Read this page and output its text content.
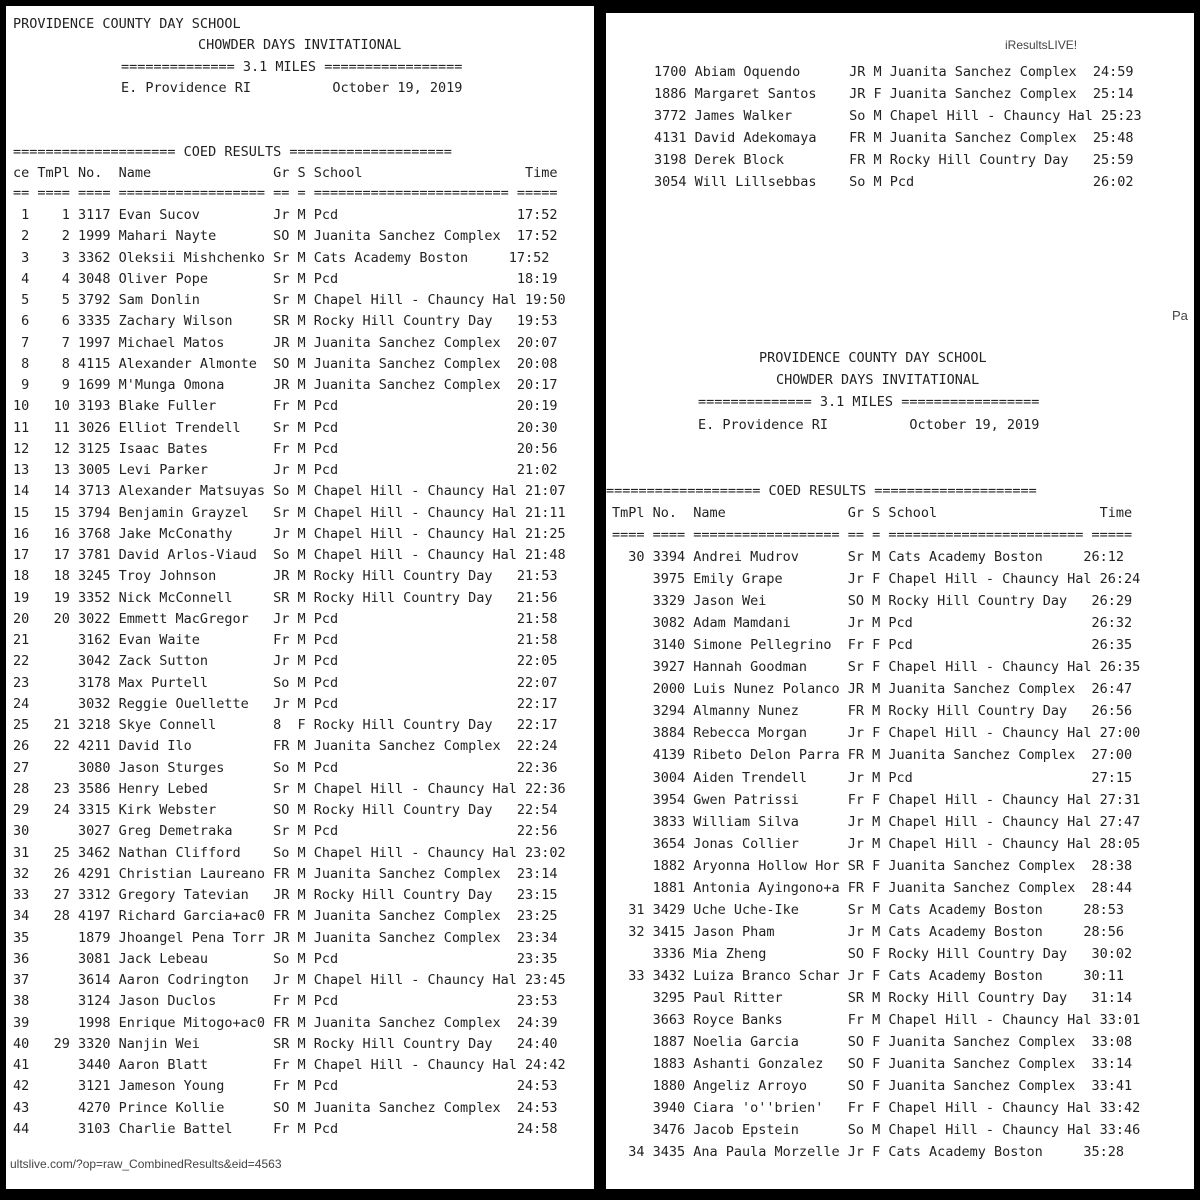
PROVIDENCE COUNTY DAY SCHOOL
CHOWDER DAYS INVITATIONAL
============== 3.1 MILES =================
E. Providence RI          October 19, 2019
==================== COED RESULTS ====================
ce TmPl No.  Name               Gr S School                    Time
== ==== ==== ================== == = ======================== =====
1    1 3117 Evan Sucov         Jr M Pcd                      17:52
2    2 1999 Mahari Nayte       SO M Juanita Sanchez Complex  17:52
3    3 3362 Oleksii Mishchenko Sr M Cats Academy Boston     17:52
4    4 3048 Oliver Pope        Sr M Pcd                      18:19
5    5 3792 Sam Donlin         Sr M Chapel Hill - Chauncy Hal 19:50
6    6 3335 Zachary Wilson     SR M Rocky Hill Country Day   19:53
7    7 1997 Michael Matos      JR M Juanita Sanchez Complex  20:07
8    8 4115 Alexander Almonte  SO M Juanita Sanchez Complex  20:08
9    9 1699 M'Munga Omona      JR M Juanita Sanchez Complex  20:17
10   10 3193 Blake Fuller       Fr M Pcd                      20:19
11   11 3026 Elliot Trendell    Sr M Pcd                      20:30
12   12 3125 Isaac Bates        Fr M Pcd                      20:56
13   13 3005 Levi Parker        Jr M Pcd                      21:02
14   14 3713 Alexander Matsuyas So M Chapel Hill - Chauncy Hal 21:07
15   15 3794 Benjamin Grayzel   Sr M Chapel Hill - Chauncy Hal 21:11
16   16 3768 Jake McConathy     Jr M Chapel Hill - Chauncy Hal 21:25
17   17 3781 David Arlos-Viaud  So M Chapel Hill - Chauncy Hal 21:48
18   18 3245 Troy Johnson       JR M Rocky Hill Country Day   21:53
19   19 3352 Nick McConnell     SR M Rocky Hill Country Day   21:56
20   20 3022 Emmett MacGregor   Jr M Pcd                      21:58
21      3162 Evan Waite         Fr M Pcd                      21:58
22      3042 Zack Sutton        Jr M Pcd                      22:05
23      3178 Max Purtell        So M Pcd                      22:07
24      3032 Reggie Ouellette   Jr M Pcd                      22:17
25   21 3218 Skye Connell       8  F Rocky Hill Country Day   22:17
26   22 4211 David Ilo          FR M Juanita Sanchez Complex  22:24
27      3080 Jason Sturges      So M Pcd                      22:36
28   23 3586 Henry Lebed        Sr M Chapel Hill - Chauncy Hal 22:36
29   24 3315 Kirk Webster       SO M Rocky Hill Country Day   22:54
30      3027 Greg Demetraka     Sr M Pcd                      22:56
31   25 3462 Nathan Clifford    So M Chapel Hill - Chauncy Hal 23:02
32   26 4291 Christian Laureano FR M Juanita Sanchez Complex  23:14
33   27 3312 Gregory Tatevian   JR M Rocky Hill Country Day   23:15
34   28 4197 Richard Garcia+ac0 FR M Juanita Sanchez Complex  23:25
35      1879 Jhoangel Pena Torr JR M Juanita Sanchez Complex  23:34
36      3081 Jack Lebeau        So M Pcd                      23:35
37      3614 Aaron Codrington   Jr M Chapel Hill - Chauncy Hal 23:45
38      3124 Jason Duclos       Fr M Pcd                      23:53
39      1998 Enrique Mitogo+ac0 FR M Juanita Sanchez Complex  24:39
40   29 3320 Nanjin Wei         SR M Rocky Hill Country Day   24:40
41      3440 Aaron Blatt        Fr M Chapel Hill - Chauncy Hal 24:42
42      3121 Jameson Young      Fr M Pcd                      24:53
43      4270 Prince Kollie      SO M Juanita Sanchez Complex  24:53
44      3103 Charlie Battel     Fr M Pcd                      24:58
ultslive.com/?op=raw_CombinedResults&eid=4563
iResultsLIVE!
Pa
PROVIDENCE COUNTY DAY SCHOOL
CHOWDER DAYS INVITATIONAL
============== 3.1 MILES =================
E. Providence RI          October 19, 2019
=================== COED RESULTS ====================
TmPl No.  Name               Gr S School                    Time
==== ==== ================== == = ======================== =====
1700 Abiam Oquendo      JR M Juanita Sanchez Complex  24:59
1886 Margaret Santos    JR F Juanita Sanchez Complex  25:14
3772 James Walker       So M Chapel Hill - Chauncy Hal 25:23
4131 David Adekomaya    FR M Juanita Sanchez Complex  25:48
3198 Derek Block        FR M Rocky Hill Country Day   25:59
3054 Will Lillsebbas    So M Pcd                      26:02
30 3394 Andrei Mudrov      Sr M Cats Academy Boston     26:12
3975 Emily Grape        Jr F Chapel Hill - Chauncy Hal 26:24
3329 Jason Wei          SO M Rocky Hill Country Day   26:29
3082 Adam Mamdani       Jr M Pcd                      26:32
3140 Simone Pellegrino  Fr F Pcd                      26:35
3927 Hannah Goodman     Sr F Chapel Hill - Chauncy Hal 26:35
2000 Luis Nunez Polanco JR M Juanita Sanchez Complex  26:47
3294 Almanny Nunez      FR M Rocky Hill Country Day   26:56
3884 Rebecca Morgan     Jr F Chapel Hill - Chauncy Hal 27:00
4139 Ribeto Delon Parra FR M Juanita Sanchez Complex  27:00
3004 Aiden Trendell     Jr M Pcd                      27:15
3954 Gwen Patrissi      Fr F Chapel Hill - Chauncy Hal 27:31
3833 William Silva      Jr M Chapel Hill - Chauncy Hal 27:47
3654 Jonas Collier      Jr M Chapel Hill - Chauncy Hal 28:05
1882 Aryonna Hollow Hor SR F Juanita Sanchez Complex  28:38
1881 Antonia Ayingono+a FR F Juanita Sanchez Complex  28:44
31 3429 Uche Uche-Ike      Sr M Cats Academy Boston     28:53
32 3415 Jason Pham         Jr M Cats Academy Boston     28:56
3336 Mia Zheng          SO F Rocky Hill Country Day   30:02
33 3432 Luiza Branco Schar Jr F Cats Academy Boston     30:11
3295 Paul Ritter        SR M Rocky Hill Country Day   31:14
3663 Royce Banks        Fr M Chapel Hill - Chauncy Hal 33:01
1887 Noelia Garcia      SO F Juanita Sanchez Complex  33:08
1883 Ashanti Gonzalez   SO F Juanita Sanchez Complex  33:14
1880 Angeliz Arroyo     SO F Juanita Sanchez Complex  33:41
3940 Ciara 'o''brien'   Fr F Chapel Hill - Chauncy Hal 33:42
3476 Jacob Epstein      So M Chapel Hill - Chauncy Hal 33:46
34 3435 Ana Paula Morzelle Jr F Cats Academy Boston     35:28
